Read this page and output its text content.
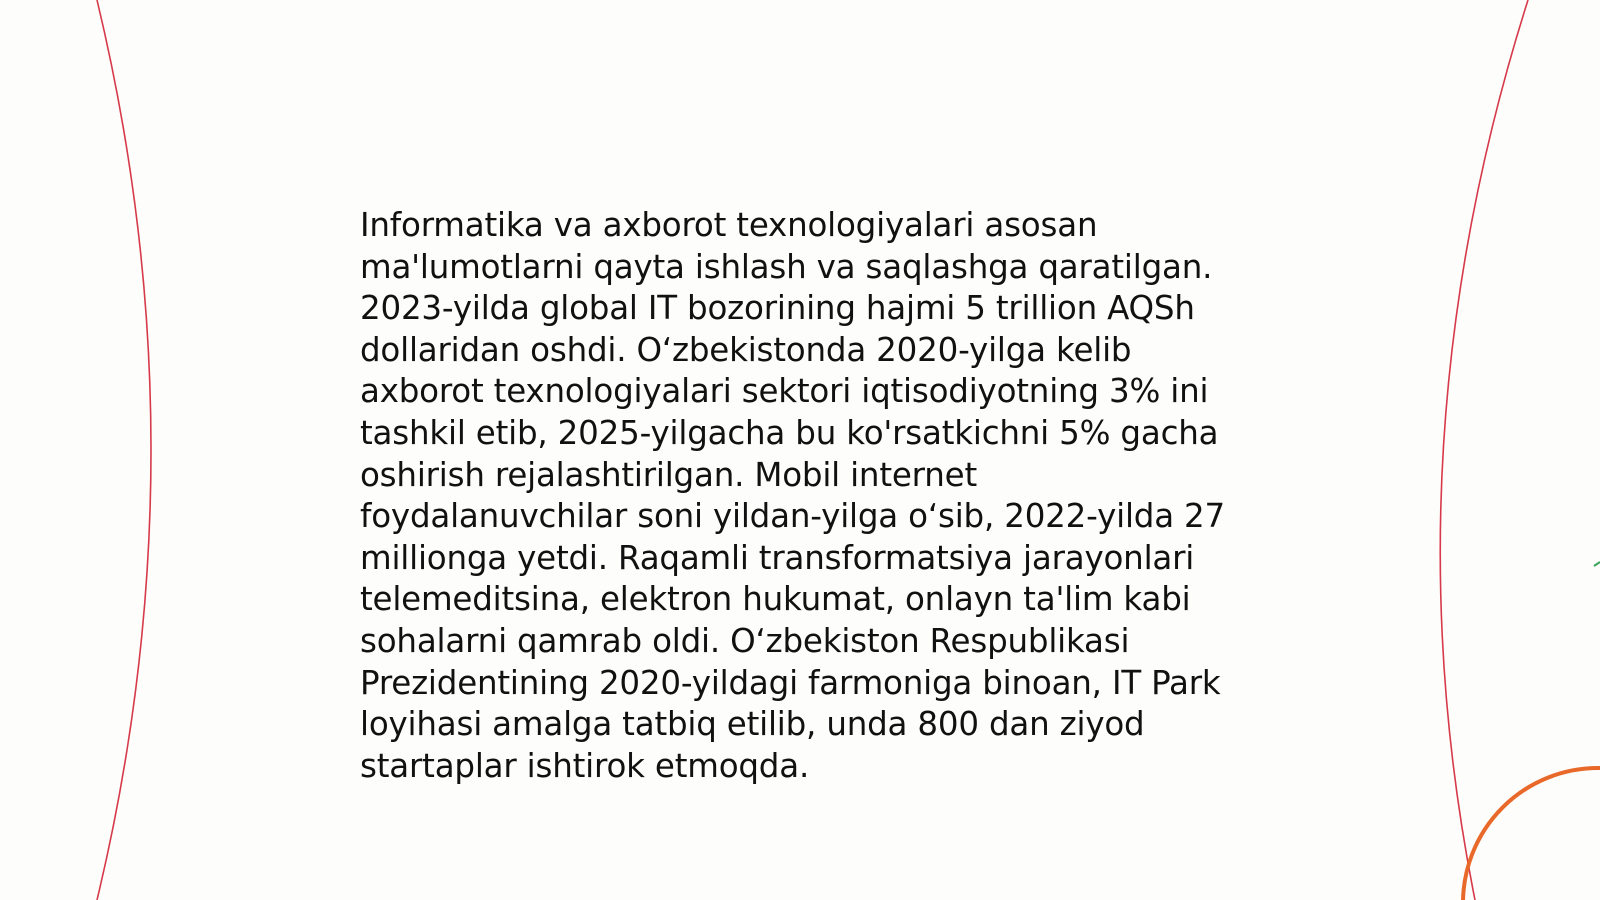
Informatika va axborot texnologiyalari asosan
ma'lumotlarni qayta ishlash va saqlashga qaratilgan.
2023-yilda global IT bozorining hajmi 5 trillion AQSh
dollaridan oshdi. O‘zbekistonda 2020-yilga kelib
axborot texnologiyalari sektori iqtisodiyotning 3% ini
tashkil etib, 2025-yilgacha bu ko'rsatkichni 5% gacha
oshirish rejalashtirilgan. Mobil internet
foydalanuvchilar soni yildan-yilga o‘sib, 2022-yilda 27
millionga yetdi. Raqamli transformatsiya jarayonlari
telemeditsina, elektron hukumat, onlayn ta'lim kabi
sohalarni qamrab oldi. O‘zbekiston Respublikasi
Prezidentining 2020-yildagi farmoniga binoan, IT Park
loyihasi amalga tatbiq etilib, unda 800 dan ziyod
startaplar ishtirok etmoqda.
